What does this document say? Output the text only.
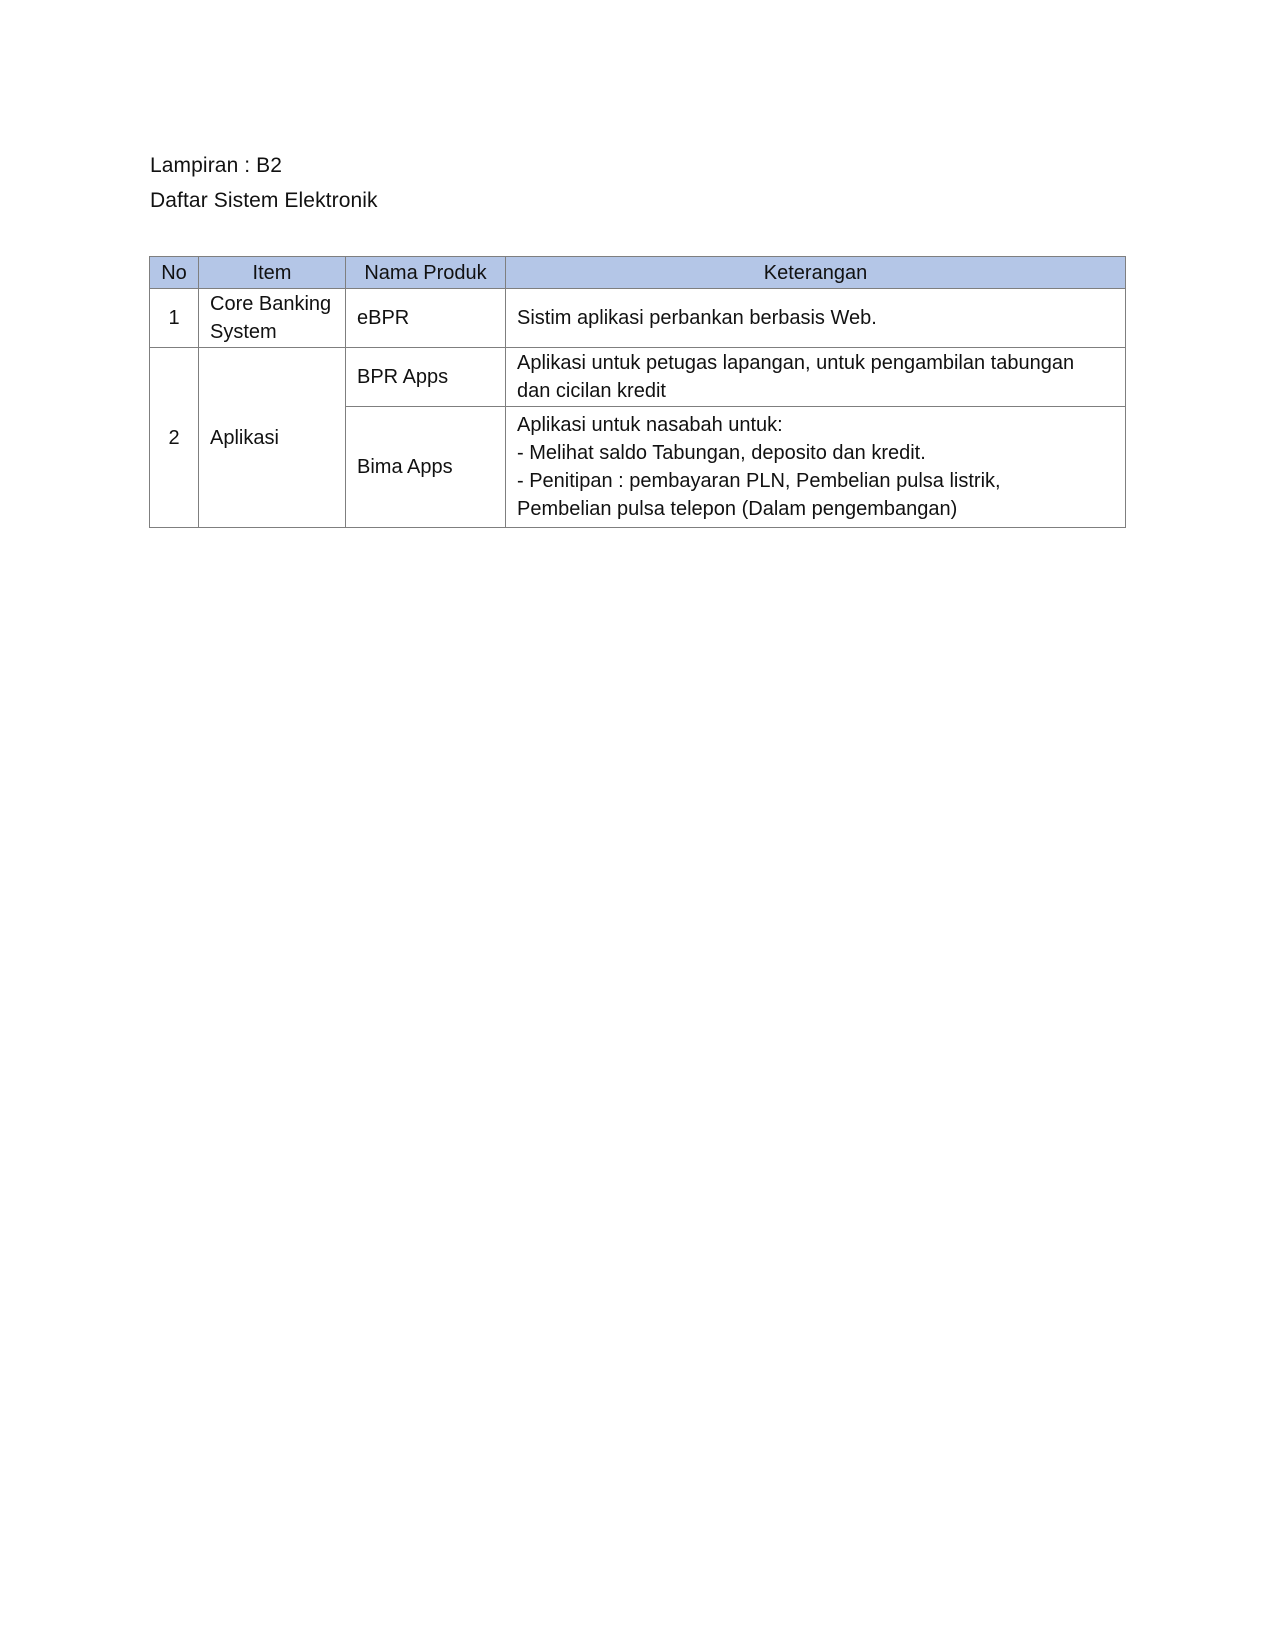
Lampiran : B2
Daftar Sistem Elektronik
No	Item	Nama Produk	Keterangan
1	Core Banking System	eBPR	Sistim aplikasi perbankan berbasis Web.
2	Aplikasi	BPR Apps	Aplikasi untuk petugas lapangan, untuk pengambilan tabungan
dan cicilan kredit

		Bima Apps	Aplikasi untuk nasabah untuk:
- Melihat saldo Tabungan, deposito dan kredit.
- Penitipan : pembayaran PLN, Pembelian pulsa listrik,
Pembelian pulsa telepon (Dalam pengembangan)
